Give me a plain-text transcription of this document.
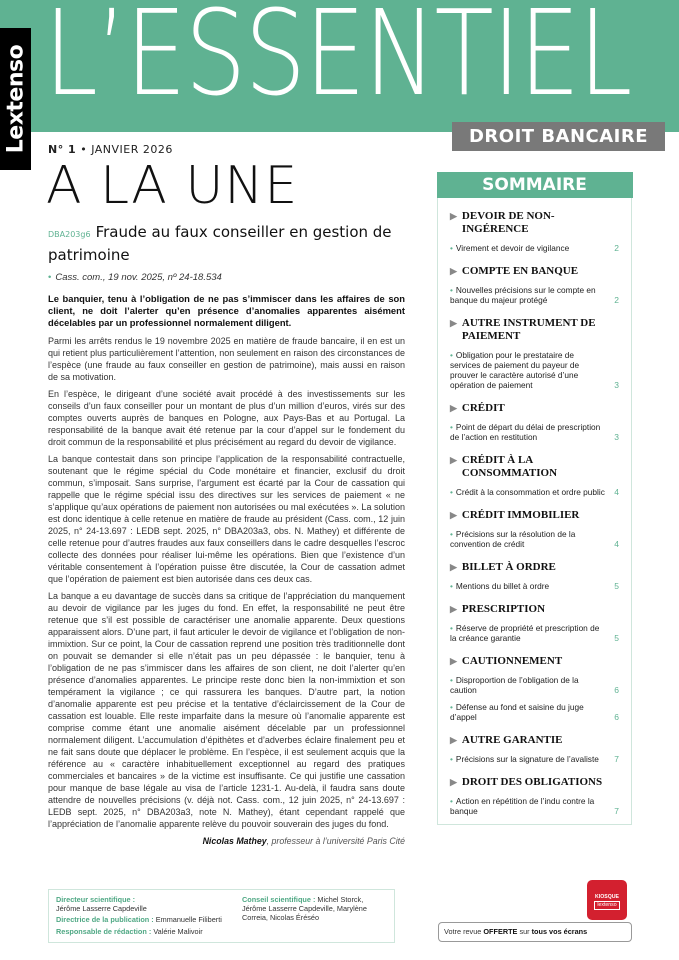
L’ESSENTIEL
Lextenso	DROIT BANCAIRE
N° 1 • JANVIER 2026
A LA UNE
DBA203g6 Fraude au faux conseiller en gestion de patrimoine
• Cass. com., 19 nov. 2025, nº 24-18.534
Le banquier, tenu à l’obligation de ne pas s’immiscer dans les affaires de son client, ne doit l’alerter qu’en présence d’anomalies apparentes aisément décelables par un professionnel normalement diligent.

Parmi les arrêts rendus le 19 novembre 2025 en matière de fraude bancaire, il en est un qui retient plus particulièrement l’attention, non seulement en raison des circonstances de l’espèce (une fraude au faux conseiller en gestion de patrimoine), mais aussi en raison de sa motivation.

En l’espèce, le dirigeant d’une société avait procédé à des investissements sur les conseils d’un faux conseiller pour un montant de plus d’un million d’euros, virés sur des comptes ouverts auprès de banques en Pologne, aux Pays-Bas et au Portugal. La responsabilité de la banque avait été retenue par la cour d’appel sur le fondement du droit commun de la responsabilité et plus précisément au regard du devoir de vigilance.

La banque contestait dans son principe l’application de la responsabilité contractuelle, soutenant que le régime spécial du Code monétaire et financier, exclusif du droit commun, s’imposait. Sans surprise, l’argument est écarté par la Cour de cassation qui rappelle que le régime spécial issu des directives sur les services de paiement « ne s’applique qu’aux opérations de paiement non autorisées ou mal exécutées ». La solution est donc identique à celle retenue en matière de fraude au président (Cass. com., 12 juin 2025, n° 24-13.697 : LEDB sept. 2025, n° DBA203a3, obs. N. Mathey) et différente de celle retenue pour d’autres fraudes aux faux conseillers dans le cadre desquelles l’escroc collecte des données pour réaliser lui-même les opérations. Bien que l’existence d’un véritable consentement à l’opération puisse être discutée, la Cour de cassation admet que l’opération de paiement est bien autorisée dans ces deux cas.

La banque a eu davantage de succès dans sa critique de l’appréciation du manquement au devoir de vigilance par les juges du fond. En effet, la responsabilité ne peut être retenue que s’il est possible de caractériser une anomalie apparente. Deux questions apparaissent alors. D’une part, il faut articuler le devoir de vigilance et l’obligation de non-immixtion. Sur ce point, la Cour de cassation reprend une position très traditionnelle dont on pouvait se demander si elle n’était pas un peu dépassée : le banquier, tenu à l’obligation de ne pas s’immiscer dans les affaires de son client, ne doit l’alerter qu’en présence d’anomalies apparentes. Le principe reste donc bien la non-immixtion et son tempérament la vigilance ; ce qui rassurera les banques. D’autre part, la notion d’anomalie apparente est peu précise et la tentative d’éclaircissement de la Cour de cassation est louable. Elle reste imparfaite dans la mesure où l’anomalie apparente est comprise comme étant une anomalie aisément décelable par un professionnel normalement diligent. L’accumulation d’épithètes et d’adverbes éclaire finalement peu et ne fait sans doute que déplacer le problème. En l’espèce, il est seulement acquis que la référence au « caractère inhabituellement exceptionnel au regard des pratiques commerciales et bancaires » de la victime est insuffisante. Ce qui justifie une cassation pour manque de base légale au visa de l’article 1231-1. Au-delà, il faudra sans doute attendre de nouvelles précisions (v. déjà not. Cass. com., 12 juin 2025, n° 24-13.697 : LEDB sept. 2025, n° DBA203a3, note N. Mathey), étant cependant rappelé que l’appréciation de l’anomalie apparente relève du pouvoir souverain des juges du fond.

Nicolas Mathey, professeur à l’université Paris Cité
SOMMAIRE
▶ DEVOIR DE NON-INGÉRENCE
• Virement et devoir de vigilance	2
▶ COMPTE EN BANQUE
• Nouvelles précisions sur le compte en banque du majeur protégé	2
▶ AUTRE INSTRUMENT DE PAIEMENT
• Obligation pour le prestataire de services de paiement du payeur de prouver le caractère autorisé d’une opération de paiement	3
▶ CRÉDIT
• Point de départ du délai de prescription de l’action en restitution	3
▶ CRÉDIT À LA CONSOMMATION
• Crédit à la consommation et ordre public	4
▶ CRÉDIT IMMOBILIER
• Précisions sur la résolution de la convention de crédit	4
▶ BILLET À ORDRE
• Mentions du billet à ordre	5
▶ PRESCRIPTION
• Réserve de propriété et prescription de la créance garantie	5
▶ CAUTIONNEMENT
• Disproportion de l’obligation de la caution	6
• Défense au fond et saisine du juge d’appel	6
▶ AUTRE GARANTIE
• Précisions sur la signature de l’avaliste	7
▶ DROIT DES OBLIGATIONS
• Action en répétition de l’indu contre la banque	7
Directeur scientifique :
Jérôme Lasserre Capdeville
Directrice de la publication : Emmanuelle Filiberti
Responsable de rédaction : Valérie Malivoir
Conseil scientifique : Michel Storck, Jérôme Lasserre Capdeville, Marylène Correia, Nicolas Éréséo
KIOSQUE
lextenso
Votre revue OFFERTE sur tous vos écrans
